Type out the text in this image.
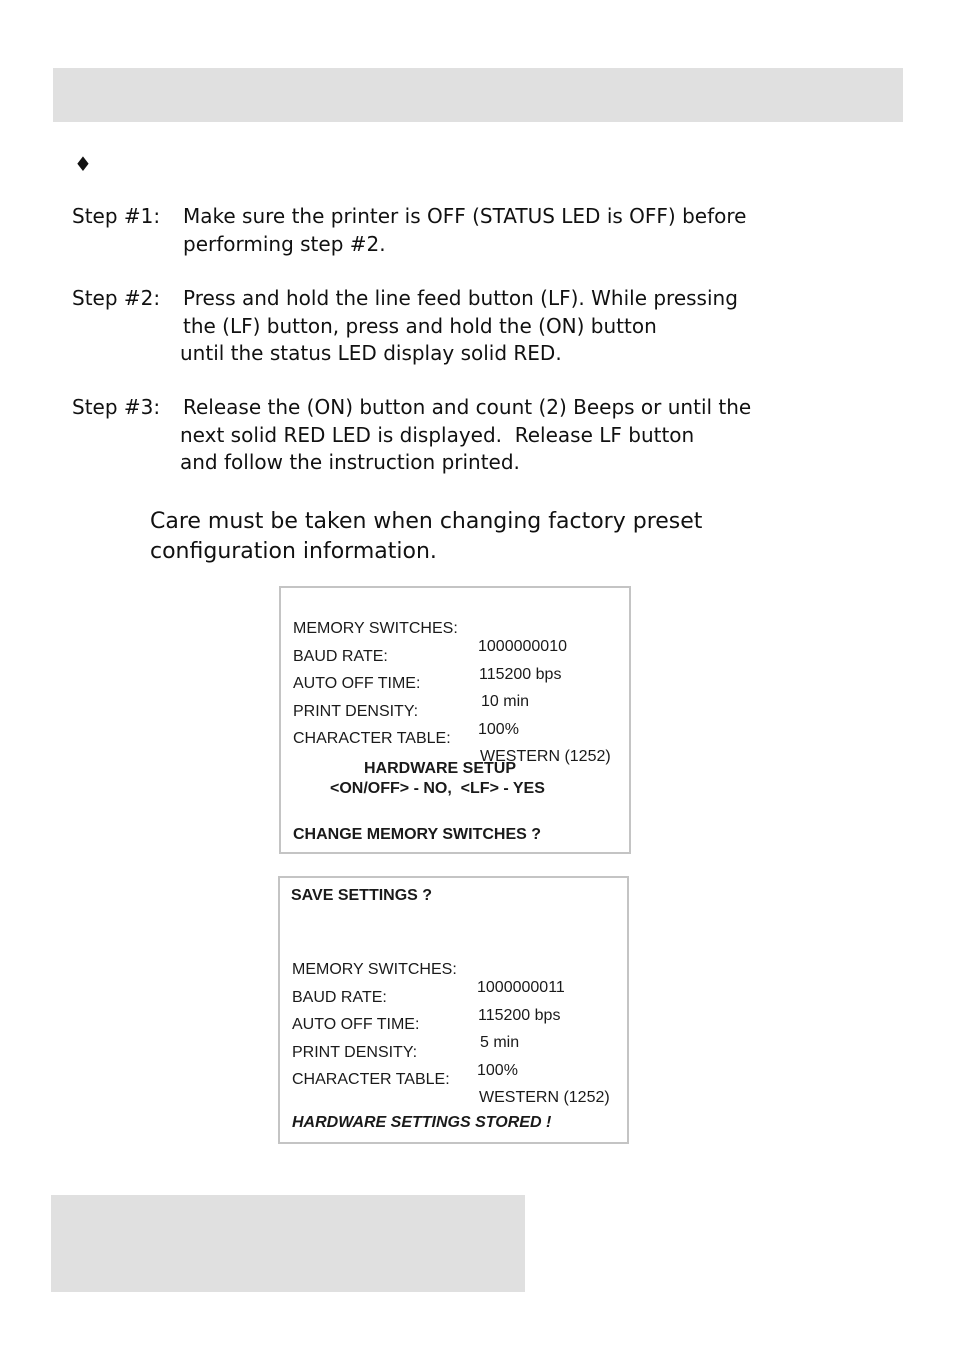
♦
Step #1: Make sure the printer is OFF (STATUS LED is OFF) before
performing step #2.
Step #2: Press and hold the line feed button (LF). While pressing
the (LF) button, press and hold the (ON) button
until the status LED display solid RED.
Step #3: Release the (ON) button and count (2) Beeps or until the
next solid RED LED is displayed.  Release LF button
and follow the instruction printed.
Care must be taken when changing factory preset
configuration information.

MEMORY SWITCHES:

1000000010

BAUD RATE:

115200 bps

AUTO OFF TIME:

10 min

PRINT DENSITY:

100%

CHARACTER TABLE:

WESTERN (1252)

HARDWARE SETUP
<ON/OFF> - NO,  <LF> - YES
CHANGE MEMORY SWITCHES ?
SAVE SETTINGS ?

MEMORY SWITCHES:

1000000011

BAUD RATE:

115200 bps

AUTO OFF TIME:

5 min

PRINT DENSITY:

100%

CHARACTER TABLE:

WESTERN (1252)

HARDWARE SETTINGS STORED !
